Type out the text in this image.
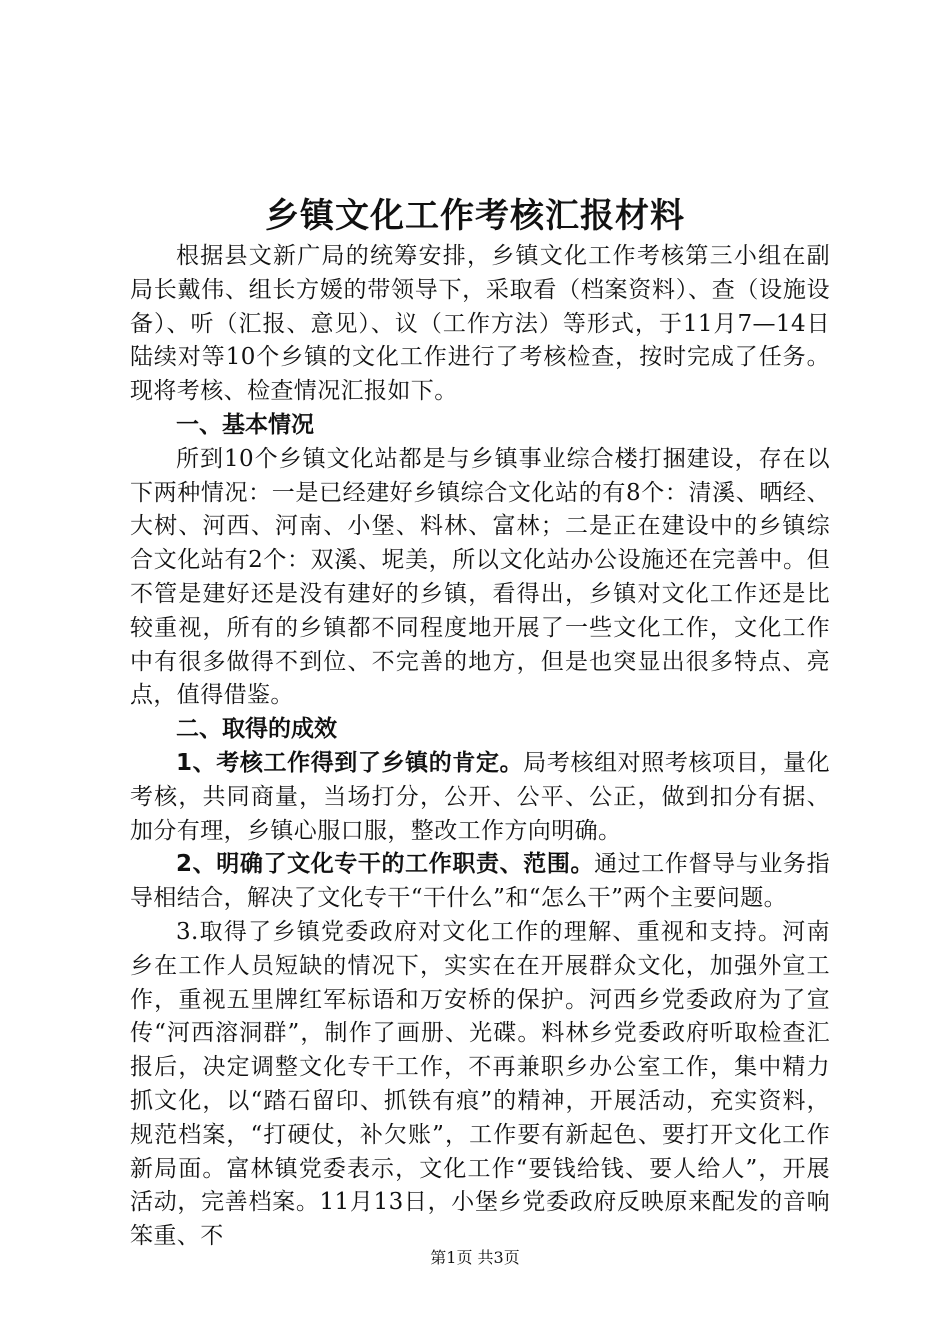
乡镇文化工作考核汇报材料

根据县文新广局的统筹安排，乡镇文化工作考核第三小组在副局长戴伟、组长方媛的带领导下，采取看（档案资料）、查（设施设备）、听（汇报、意见）、议（工作方法）等形式，于11月7—14日陆续对等10个乡镇的文化工作进行了考核检查，按时完成了任务。现将考核、检查情况汇报如下。

一、基本情况

所到10个乡镇文化站都是与乡镇事业综合楼打捆建设，存在以下两种情况：一是已经建好乡镇综合文化站的有8个：清溪、晒经、大树、河西、河南、小堡、料林、富林；二是正在建设中的乡镇综合文化站有2个：双溪、坭美，所以文化站办公设施还在完善中。但不管是建好还是没有建好的乡镇，看得出，乡镇对文化工作还是比较重视，所有的乡镇都不同程度地开展了一些文化工作，文化工作中有很多做得不到位、不完善的地方，但是也突显出很多特点、亮点，值得借鉴。

二、取得的成效

1、考核工作得到了乡镇的肯定。局考核组对照考核项目，量化考核，共同商量，当场打分，公开、公平、公正，做到扣分有据、加分有理，乡镇心服口服，整改工作方向明确。

2、明确了文化专干的工作职责、范围。通过工作督导与业务指导相结合，解决了文化专干“干什么”和“怎么干”两个主要问题。

3.取得了乡镇党委政府对文化工作的理解、重视和支持。河南乡在工作人员短缺的情况下，实实在在开展群众文化，加强外宣工作，重视五里牌红军标语和万安桥的保护。河西乡党委政府为了宣传“河西溶洞群”，制作了画册、光碟。料林乡党委政府听取检查汇报后，决定调整文化专干工作，不再兼职乡办公室工作，集中精力抓文化，以“踏石留印、抓铁有痕”的精神，开展活动，充实资料，规范档案，“打硬仗，补欠账”，工作要有新起色、要打开文化工作新局面。富林镇党委表示，文化工作“要钱给钱、要人给人”，开展活动，完善档案。11月13日，小堡乡党委政府反映原来配发的音响笨重、不

第1页 共3页
